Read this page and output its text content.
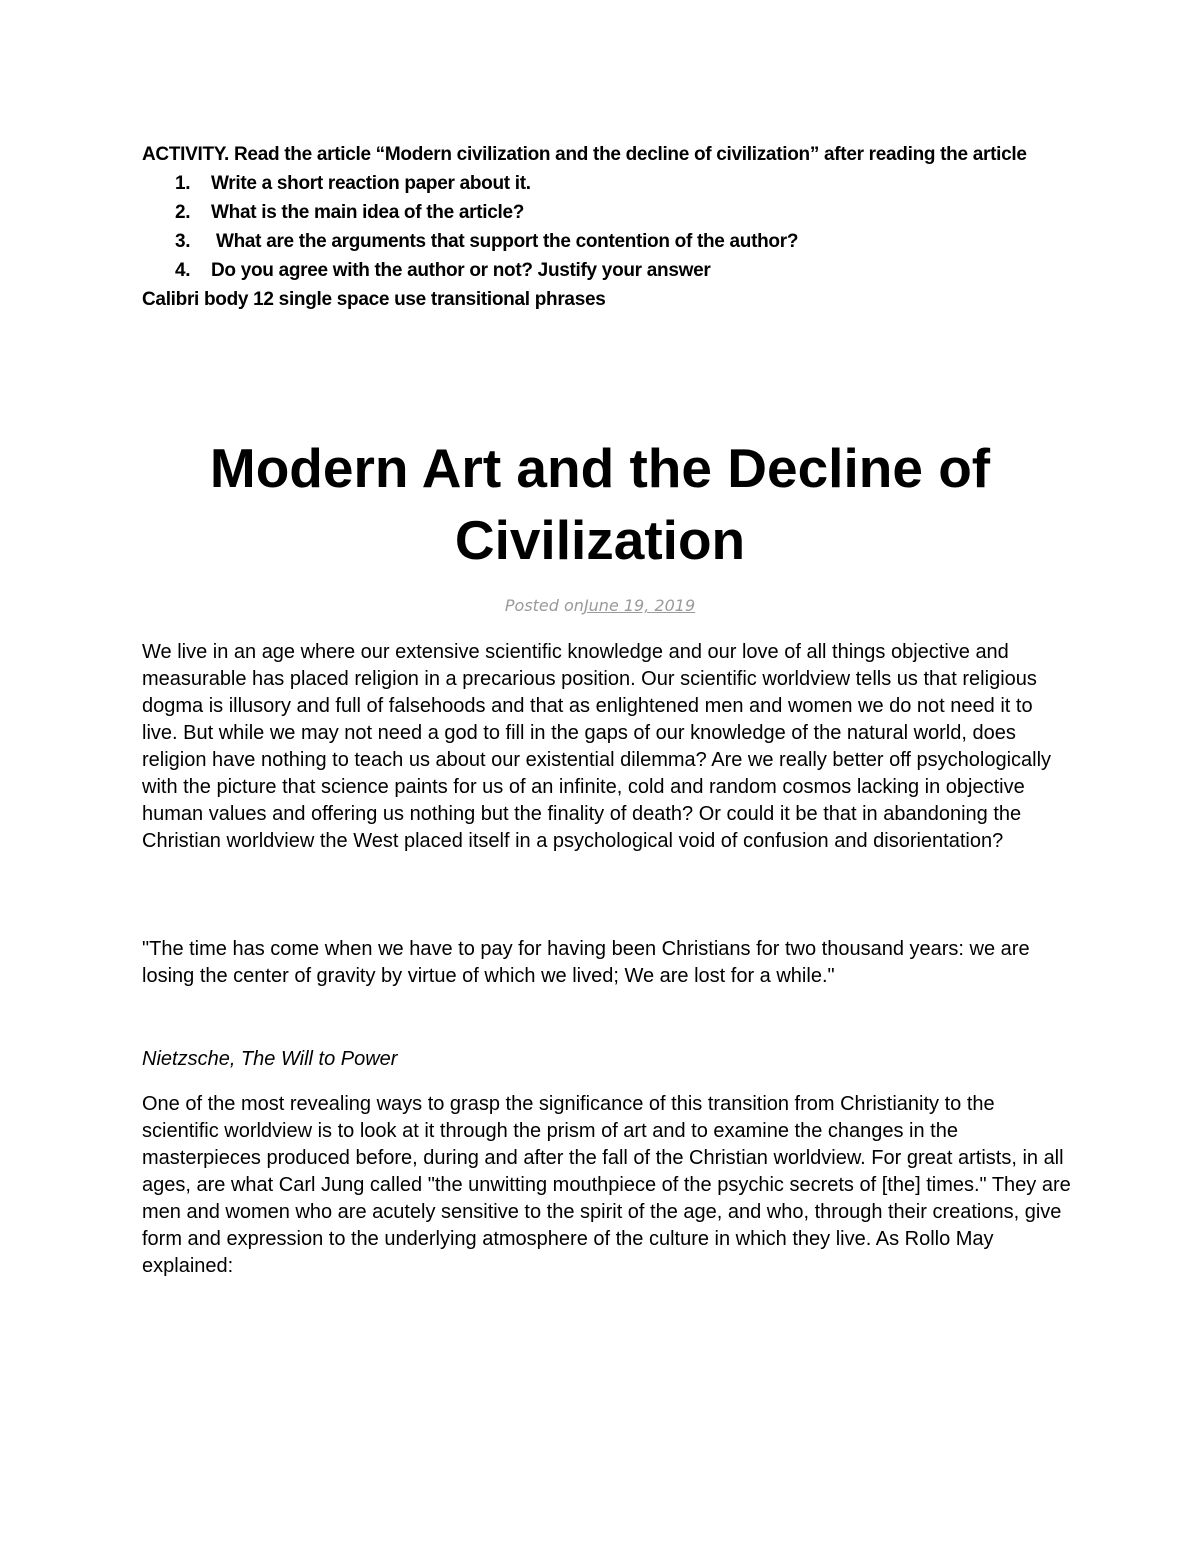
ACTIVITY. Read the article “Modern civilization and the decline of civilization” after reading the article

1.	Write a short reaction paper about it.
2.	What is the main idea of the article?
3.	What are the arguments that support the contention of the author?
4.	Do you agree with the author or not? Justify your answer

Calibri body 12 single space use transitional phrases

Modern Art and the Decline of Civilization
Posted onJune 19, 2019

We live in an age where our extensive scientific knowledge and our love of all things objective and measurable has placed religion in a precarious position. Our scientific worldview tells us that religious dogma is illusory and full of falsehoods and that as enlightened men and women we do not need it to live. But while we may not need a god to fill in the gaps of our knowledge of the natural world, does religion have nothing to teach us about our existential dilemma? Are we really better off psychologically with the picture that science paints for us of an infinite, cold and random cosmos lacking in objective human values and offering us nothing but the finality of death? Or could it be that in abandoning the Christian worldview the West placed itself in a psychological void of confusion and disorientation?

"The time has come when we have to pay for having been Christians for two thousand years: we are losing the center of gravity by virtue of which we lived; We are lost for a while."

Nietzsche, The Will to Power

One of the most revealing ways to grasp the significance of this transition from Christianity to the scientific worldview is to look at it through the prism of art and to examine the changes in the masterpieces produced before, during and after the fall of the Christian worldview. For great artists, in all ages, are what Carl Jung called "the unwitting mouthpiece of the psychic secrets of [the] times." They are men and women who are acutely sensitive to the spirit of the age, and who, through their creations, give form and expression to the underlying atmosphere of the culture in which they live. As Rollo May explained:
